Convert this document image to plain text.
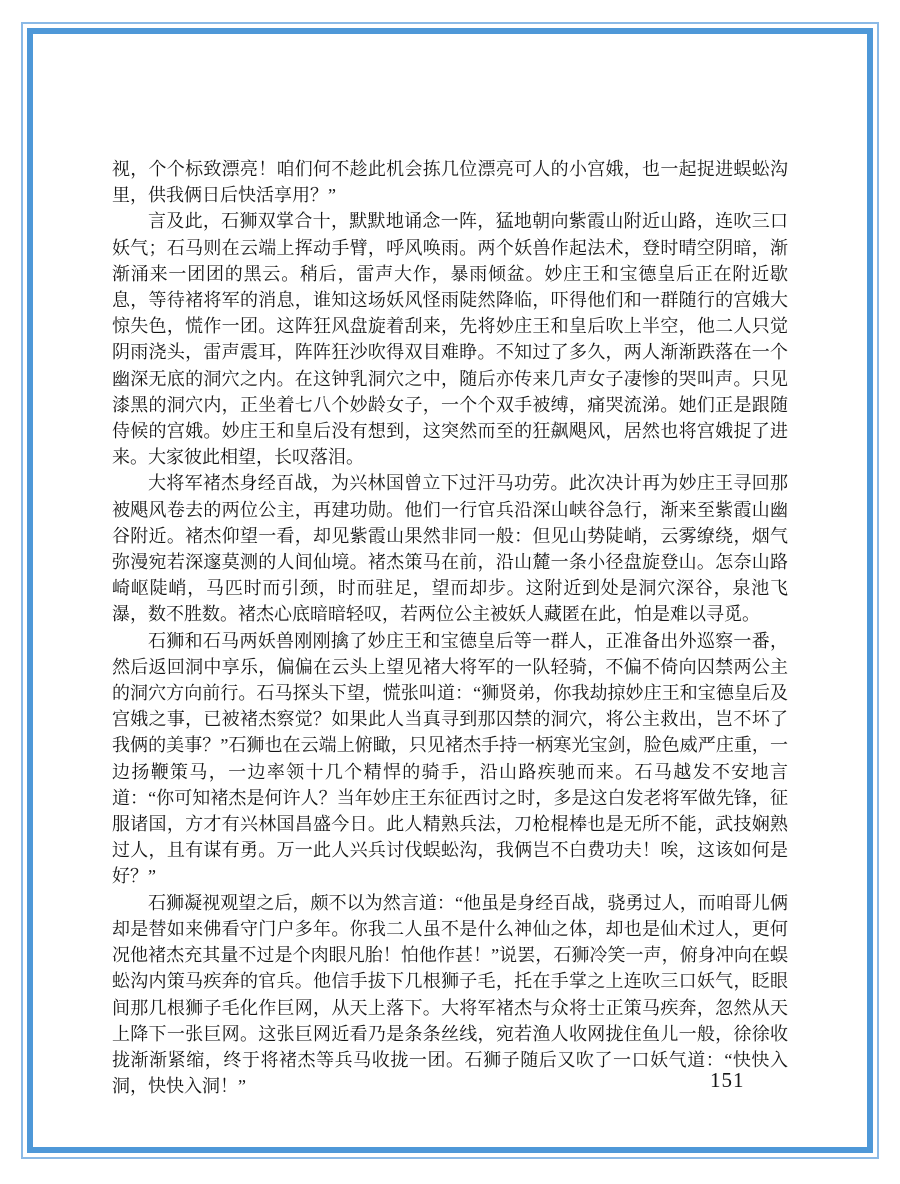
视，个个标致漂亮！咱们何不趁此机会拣几位漂亮可人的小宫娥，也一起捉进蜈蚣沟里，供我俩日后快活享用？”

言及此，石狮双掌合十，默默地诵念一阵，猛地朝向紫霞山附近山路，连吹三口妖气；石马则在云端上挥动手臂，呼风唤雨。两个妖兽作起法术，登时晴空阴暗，渐渐涌来一团团的黑云。稍后，雷声大作，暴雨倾盆。妙庄王和宝德皇后正在附近歇息，等待褚将军的消息，谁知这场妖风怪雨陡然降临，吓得他们和一群随行的宫娥大惊失色，慌作一团。这阵狂风盘旋着刮来，先将妙庄王和皇后吹上半空，他二人只觉阴雨浇头，雷声震耳，阵阵狂沙吹得双目难睁。不知过了多久，两人渐渐跌落在一个幽深无底的洞穴之内。在这钟乳洞穴之中，随后亦传来几声女子凄惨的哭叫声。只见漆黑的洞穴内，正坐着七八个妙龄女子，一个个双手被缚，痛哭流涕。她们正是跟随侍候的宫娥。妙庄王和皇后没有想到，这突然而至的狂飙飓风，居然也将宫娥捉了进来。大家彼此相望，长叹落泪。

大将军褚杰身经百战，为兴林国曾立下过汗马功劳。此次决计再为妙庄王寻回那被飓风卷去的两位公主，再建功勋。他们一行官兵沿深山峡谷急行，渐来至紫霞山幽谷附近。褚杰仰望一看，却见紫霞山果然非同一般：但见山势陡峭，云雾缭绕，烟气弥漫宛若深邃莫测的人间仙境。褚杰策马在前，沿山麓一条小径盘旋登山。怎奈山路崎岖陡峭，马匹时而引颈，时而驻足，望而却步。这附近到处是洞穴深谷，泉池飞瀑，数不胜数。褚杰心底暗暗轻叹，若两位公主被妖人藏匿在此，怕是难以寻觅。

石狮和石马两妖兽刚刚擒了妙庄王和宝德皇后等一群人，正准备出外巡察一番，然后返回洞中享乐，偏偏在云头上望见褚大将军的一队轻骑，不偏不倚向囚禁两公主的洞穴方向前行。石马探头下望，慌张叫道：“狮贤弟，你我劫掠妙庄王和宝德皇后及宫娥之事，已被褚杰察觉？如果此人当真寻到那囚禁的洞穴，将公主救出，岂不坏了我俩的美事？”石狮也在云端上俯瞰，只见褚杰手持一柄寒光宝剑，脸色威严庄重，一边扬鞭策马，一边率领十几个精悍的骑手，沿山路疾驰而来。石马越发不安地言道：“你可知褚杰是何许人？当年妙庄王东征西讨之时，多是这白发老将军做先锋，征服诸国，方才有兴林国昌盛今日。此人精熟兵法，刀枪棍棒也是无所不能，武技娴熟过人，且有谋有勇。万一此人兴兵讨伐蜈蚣沟，我俩岂不白费功夫！唉，这该如何是好？”

石狮凝视观望之后，颇不以为然言道：“他虽是身经百战，骁勇过人，而咱哥儿俩却是替如来佛看守门户多年。你我二人虽不是什么神仙之体，却也是仙术过人，更何况他褚杰充其量不过是个肉眼凡胎！怕他作甚！”说罢，石狮冷笑一声，俯身冲向在蜈蚣沟内策马疾奔的官兵。他信手拔下几根狮子毛，托在手掌之上连吹三口妖气，眨眼间那几根狮子毛化作巨网，从天上落下。大将军褚杰与众将士正策马疾奔，忽然从天上降下一张巨网。这张巨网近看乃是条条丝线，宛若渔人收网拢住鱼儿一般，徐徐收拢渐渐紧缩，终于将褚杰等兵马收拢一团。石狮子随后又吹了一口妖气道：“快快入洞，快快入洞！”	151
